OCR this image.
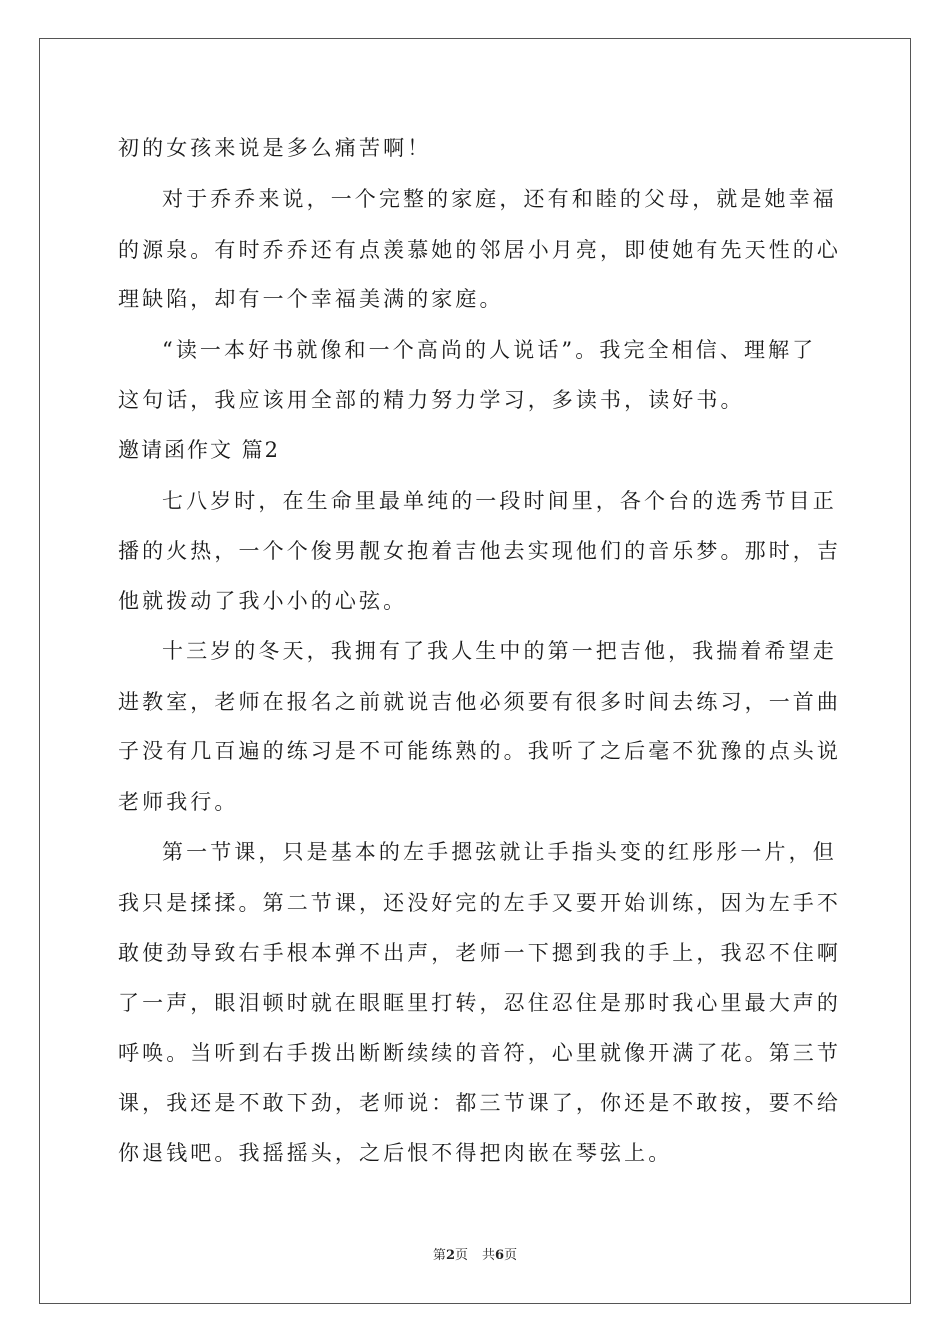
初的女孩来说是多么痛苦啊！
对于乔乔来说，一个完整的家庭，还有和睦的父母，就是她幸福
的源泉。有时乔乔还有点羡慕她的邻居小月亮，即使她有先天性的心
理缺陷，却有一个幸福美满的家庭。
“读一本好书就像和一个高尚的人说话”。我完全相信、理解了
这句话，我应该用全部的精力努力学习，多读书，读好书。
邀请函作文 篇2
七八岁时，在生命里最单纯的一段时间里，各个台的选秀节目正
播的火热，一个个俊男靓女抱着吉他去实现他们的音乐梦。那时，吉
他就拨动了我小小的心弦。
十三岁的冬天，我拥有了我人生中的第一把吉他，我揣着希望走
进教室，老师在报名之前就说吉他必须要有很多时间去练习，一首曲
子没有几百遍的练习是不可能练熟的。我听了之后毫不犹豫的点头说
老师我行。
第一节课，只是基本的左手摁弦就让手指头变的红彤彤一片，但
我只是揉揉。第二节课，还没好完的左手又要开始训练，因为左手不
敢使劲导致右手根本弹不出声，老师一下摁到我的手上，我忍不住啊
了一声，眼泪顿时就在眼眶里打转，忍住忍住是那时我心里最大声的
呼唤。当听到右手拨出断断续续的音符，心里就像开满了花。第三节
课，我还是不敢下劲，老师说：都三节课了，你还是不敢按，要不给
你退钱吧。我摇摇头，之后恨不得把肉嵌在琴弦上。
第2页 共6页
